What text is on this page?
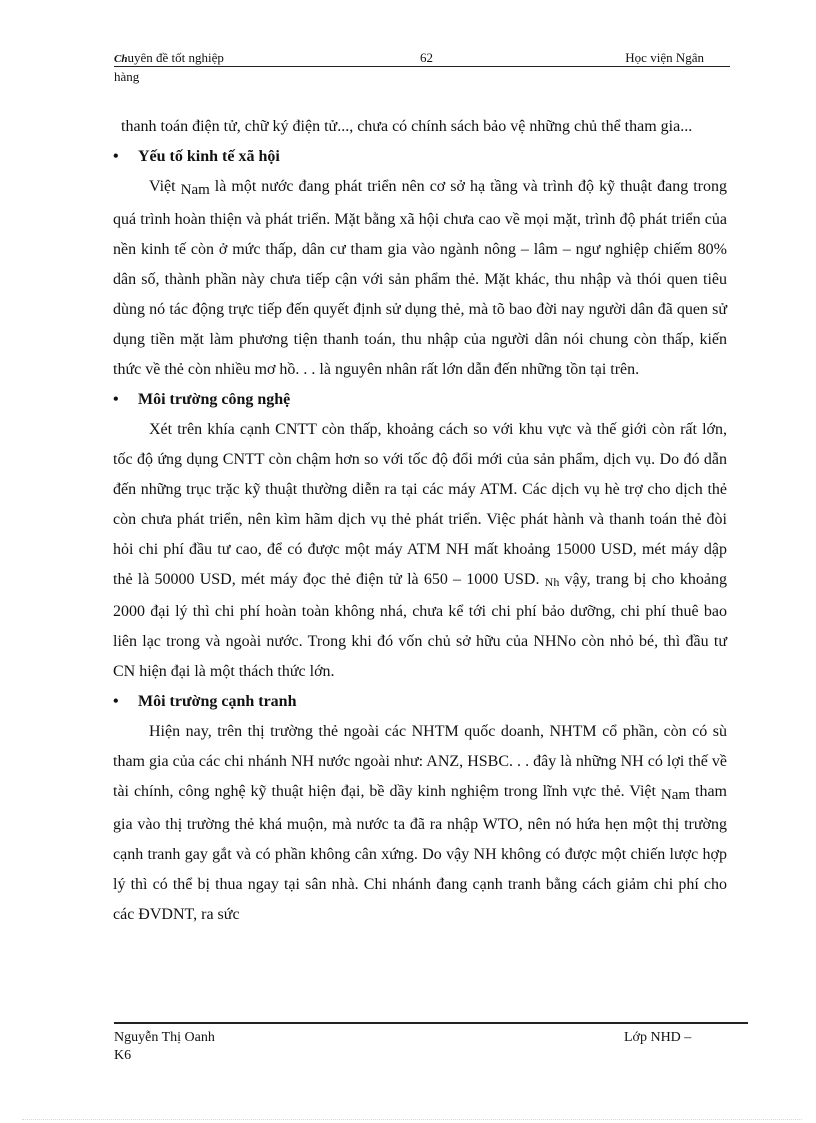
Chuyên đề tốt nghiệp	62	Học viện Ngân
hàng

thanh toán điện tử, chữ ký điện tử..., chưa có chính sách bảo vệ những chủ thể tham gia...

• Yếu tố kinh tế xã hội

Việt Nam là một nước đang phát triển nên cơ sở hạ tầng và trình độ kỹ thuật đang trong quá trình hoàn thiện và phát triển. Mặt bằng xã hội chưa cao về mọi mặt, trình độ phát triển của nền kinh tế còn ở mức thấp, dân cư tham gia vào ngành nông – lâm – ngư nghiệp chiếm 80% dân số, thành phần này chưa tiếp cận với sản phẩm thẻ. Mặt khác, thu nhập và thói quen tiêu dùng nó tác động trực tiếp đến quyết định sử dụng thẻ, mà tõ bao đời nay người dân đã quen sử dụng tiền mặt làm phương tiện thanh toán, thu nhập của người dân nói chung còn thấp, kiến thức về thẻ còn nhiều mơ hồ. . . là nguyên nhân rất lớn dẫn đến những tồn tại trên.

• Môi trường công nghệ

Xét trên khía cạnh CNTT còn thấp, khoảng cách so với khu vực và thế giới còn rất lớn, tốc độ ứng dụng CNTT còn chậm hơn so với tốc độ đổi mới của sản phẩm, dịch vụ. Do đó dẫn đến những trục trặc kỹ thuật thường diễn ra tại các máy ATM. Các dịch vụ hè trợ cho dịch thẻ còn chưa phát triển, nên kìm hãm dịch vụ thẻ phát triển. Việc phát hành và thanh toán thẻ đòi hỏi chi phí đầu tư cao, để có được một máy ATM NH mất khoảng 15000 USD, mét máy dập thẻ là 50000 USD, mét máy đọc thẻ điện tử là 650 – 1000 USD. Nh vậy, trang bị cho khoảng 2000 đại lý thì chi phí hoàn toàn không nhá, chưa kể tới chi phí bảo dưỡng, chi phí thuê bao liên lạc trong và ngoài nước. Trong khi đó vốn chủ sở hữu của NHNo còn nhỏ bé, thì đầu tư CN hiện đại là một thách thức lớn.

• Môi trường cạnh tranh

Hiện nay, trên thị trường thẻ ngoài các NHTM quốc doanh, NHTM cổ phần, còn có sù tham gia của các chi nhánh NH nước ngoài như: ANZ, HSBC. . . đây là những NH có lợi thế về tài chính, công nghệ kỹ thuật hiện đại, bề dầy kinh nghiệm trong lĩnh vực thẻ. Việt Nam tham gia vào thị trường thẻ khá muộn, mà nước ta đã ra nhập WTO, nên nó hứa hẹn một thị trường cạnh tranh gay gắt và có phần không cân xứng. Do vậy NH không có được một chiến lược hợp lý thì có thể bị thua ngay tại sân nhà. Chi nhánh đang cạnh tranh bằng cách giảm chi phí cho các ĐVDNT, ra sức

Nguyễn Thị Oanh	Lớp NHD –
K6
